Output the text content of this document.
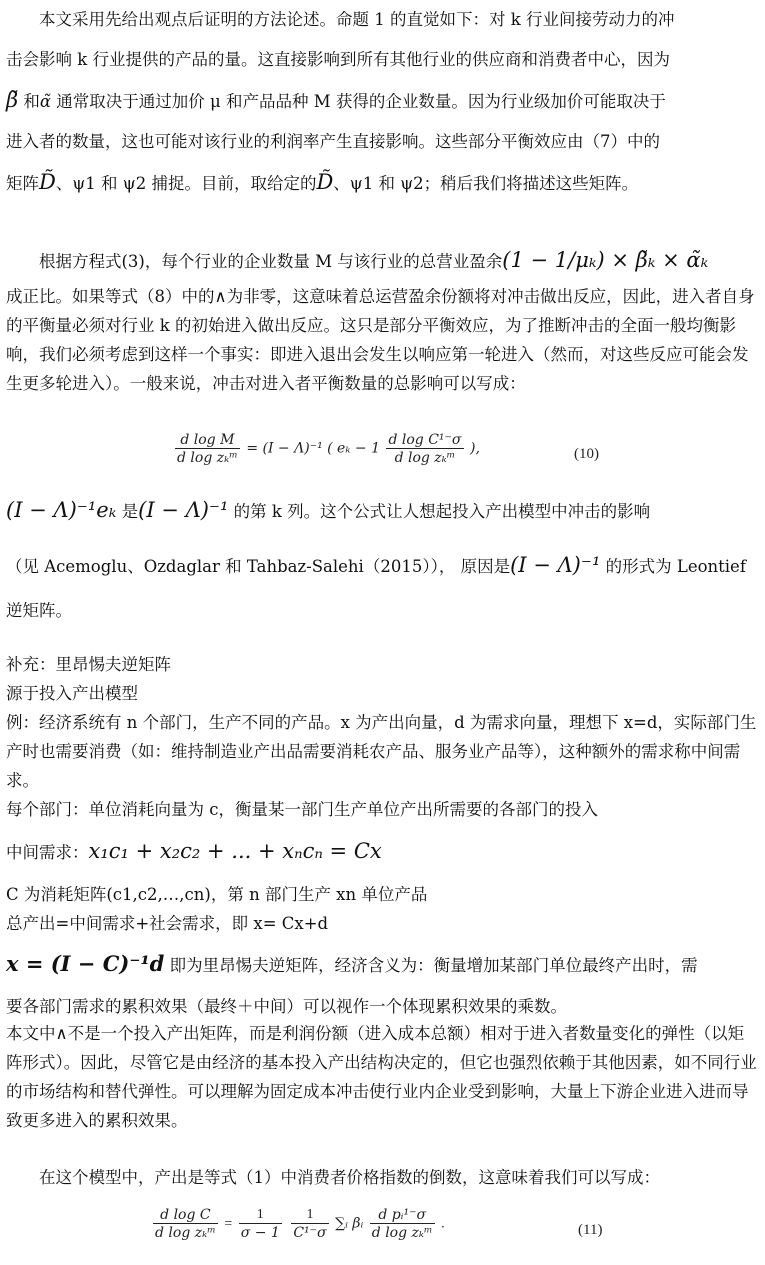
本文采用先给出观点后证明的方法论述。命题 1 的直觉如下：对 k 行业间接劳动力的冲

击会影响 k 行业提供的产品的量。这直接影响到所有其他行业的供应商和消费者中心，因为

β̃ 和α̃ 通常取决于通过加价 μ 和产品品种 M 获得的企业数量。因为行业级加价可能取决于

进入者的数量，这也可能对该行业的利润率产生直接影响。这些部分平衡效应由（7）中的

矩阵D̃、ψ1 和 ψ2 捕捉。目前，取给定的D̃、ψ1 和 ψ2；稍后我们将描述这些矩阵。

根据方程式(3)，每个行业的企业数量 M 与该行业的总营业盈余(1 − 1/μₖ) × β̃ₖ × α̃ₖ

成正比。如果等式（8）中的∧为非零，这意味着总运营盈余份额将对冲击做出反应，因此，进入者自身的平衡量必须对行业 k 的初始进入做出反应。这只是部分平衡效应，为了推断冲击的全面一般均衡影响，我们必须考虑到这样一个事实：即进入退出会发生以响应第一轮进入（然而，对这些反应可能会发生更多轮进入）。一般来说，冲击对进入者平衡数量的总影响可以写成：

$\frac{\text{d log M}}{\text{d log zₖᵐ}} = (I - \Lambda)^{-1}$ ( $e_k - 1 \frac{\text{d log C¹⁻σ}}{\text{d log zₖᵐ}}$ ),	(10)

(I − Λ)⁻¹eₖ 是(I − Λ)⁻¹ 的第 k 列。这个公式让人想起投入产出模型中冲击的影响

（见 Acemoglu、Ozdaglar 和 Tahbaz-Salehi（2015））， 原因是(I − Λ)⁻¹ 的形式为 Leontief

逆矩阵。

补充：里昂惕夫逆矩阵

源于投入产出模型

例：经济系统有 n 个部门，生产不同的产品。x 为产出向量，d 为需求向量，理想下 x=d，实际部门生产时也需要消费（如：维持制造业产出品需要消耗农产品、服务业产品等），这种额外的需求称中间需求。

每个部门：单位消耗向量为 c，衡量某一部门生产单位产出所需要的各部门的投入

中间需求：x₁c₁ + x₂c₂ + ... + xₙcₙ = Cx

C 为消耗矩阵(c1,c2,…,cn)，第 n 部门生产 xn 单位产品

总产出=中间需求+社会需求，即 x= Cx+d

x = (I − C)⁻¹d 即为里昂惕夫逆矩阵，经济含义为：衡量增加某部门单位最终产出时，需

要各部门需求的累积效果（最终＋中间）可以视作一个体现累积效果的乘数。

本文中∧不是一个投入产出矩阵，而是利润份额（进入成本总额）相对于进入者数量变化的弹性（以矩阵形式）。因此，尽管它是由经济的基本投入产出结构决定的，但它也强烈依赖于其他因素，如不同行业的市场结构和替代弹性。可以理解为固定成本冲击使行业内企业受到影响，大量上下游企业进入进而导致更多进入的累积效果。

在这个模型中，产出是等式（1）中消费者价格指数的倒数，这意味着我们可以写成：

$\frac{\text{d log C}}{\text{d log zₖᵐ}} = \frac{1}{\sigma - 1}$
$\frac{1}{\text{C¹⁻σ}}$ ∑ᵢ βᵢ $\frac{\text{d pᵢ¹⁻σ}}{\text{d log zₖᵐ}}$ .	(11)
